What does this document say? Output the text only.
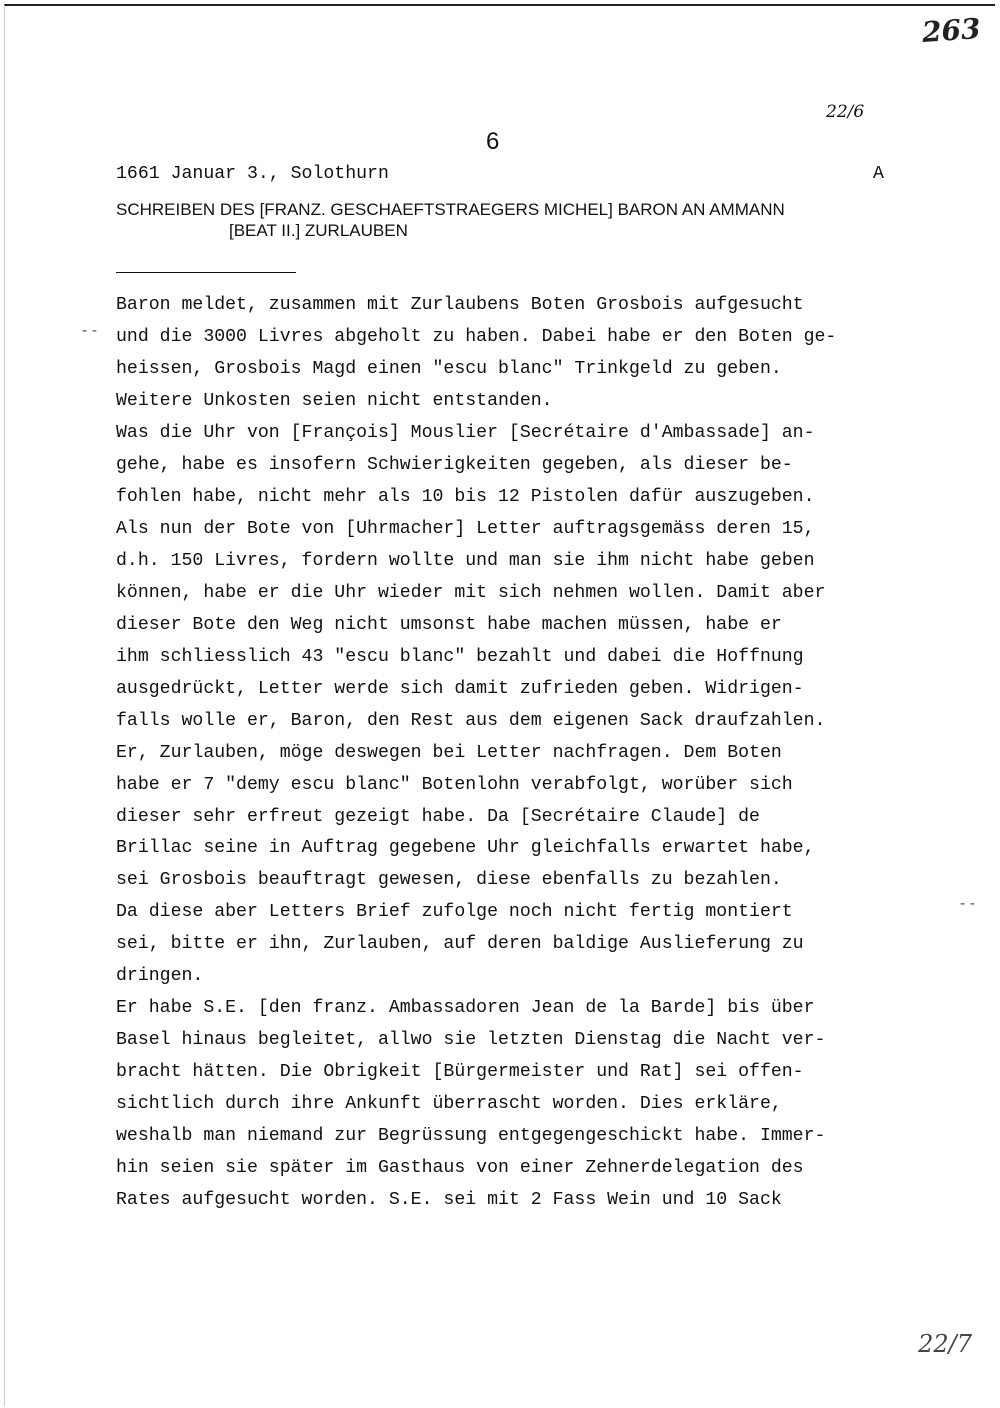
263
22/6
6
1661 Januar 3., Solothurn	A
SCHREIBEN DES [FRANZ. GESCHAEFTSTRAEGERS MICHEL] BARON AN AMMANN
[BEAT II.] ZURLAUBEN
- -
- -
Baron meldet, zusammen mit Zurlaubens Boten Grosbois aufgesucht
und die 3000 Livres abgeholt zu haben. Dabei habe er den Boten ge-
heissen, Grosbois Magd einen "escu blanc" Trinkgeld zu geben.
Weitere Unkosten seien nicht entstanden.
Was die Uhr von [François] Mouslier [Secrétaire d'Ambassade] an-
gehe, habe es insofern Schwierigkeiten gegeben, als dieser be-
fohlen habe, nicht mehr als 10 bis 12 Pistolen dafür auszugeben.
Als nun der Bote von [Uhrmacher] Letter auftragsgemäss deren 15,
d.h. 150 Livres, fordern wollte und man sie ihm nicht habe geben
können, habe er die Uhr wieder mit sich nehmen wollen. Damit aber
dieser Bote den Weg nicht umsonst habe machen müssen, habe er
ihm schliesslich 43 "escu blanc" bezahlt und dabei die Hoffnung
ausgedrückt, Letter werde sich damit zufrieden geben. Widrigen-
falls wolle er, Baron, den Rest aus dem eigenen Sack draufzahlen.
Er, Zurlauben, möge deswegen bei Letter nachfragen. Dem Boten
habe er 7 "demy escu blanc" Botenlohn verabfolgt, worüber sich
dieser sehr erfreut gezeigt habe. Da [Secrétaire Claude] de
Brillac seine in Auftrag gegebene Uhr gleichfalls erwartet habe,
sei Grosbois beauftragt gewesen, diese ebenfalls zu bezahlen.
Da diese aber Letters Brief zufolge noch nicht fertig montiert
sei, bitte er ihn, Zurlauben, auf deren baldige Auslieferung zu
dringen.
Er habe S.E. [den franz. Ambassadoren Jean de la Barde] bis über
Basel hinaus begleitet, allwo sie letzten Dienstag die Nacht ver-
bracht hätten. Die Obrigkeit [Bürgermeister und Rat] sei offen-
sichtlich durch ihre Ankunft überrascht worden. Dies erkläre,
weshalb man niemand zur Begrüssung entgegengeschickt habe. Immer-
hin seien sie später im Gasthaus von einer Zehnerdelegation des
Rates aufgesucht worden. S.E. sei mit 2 Fass Wein und 10 Sack
22/7
